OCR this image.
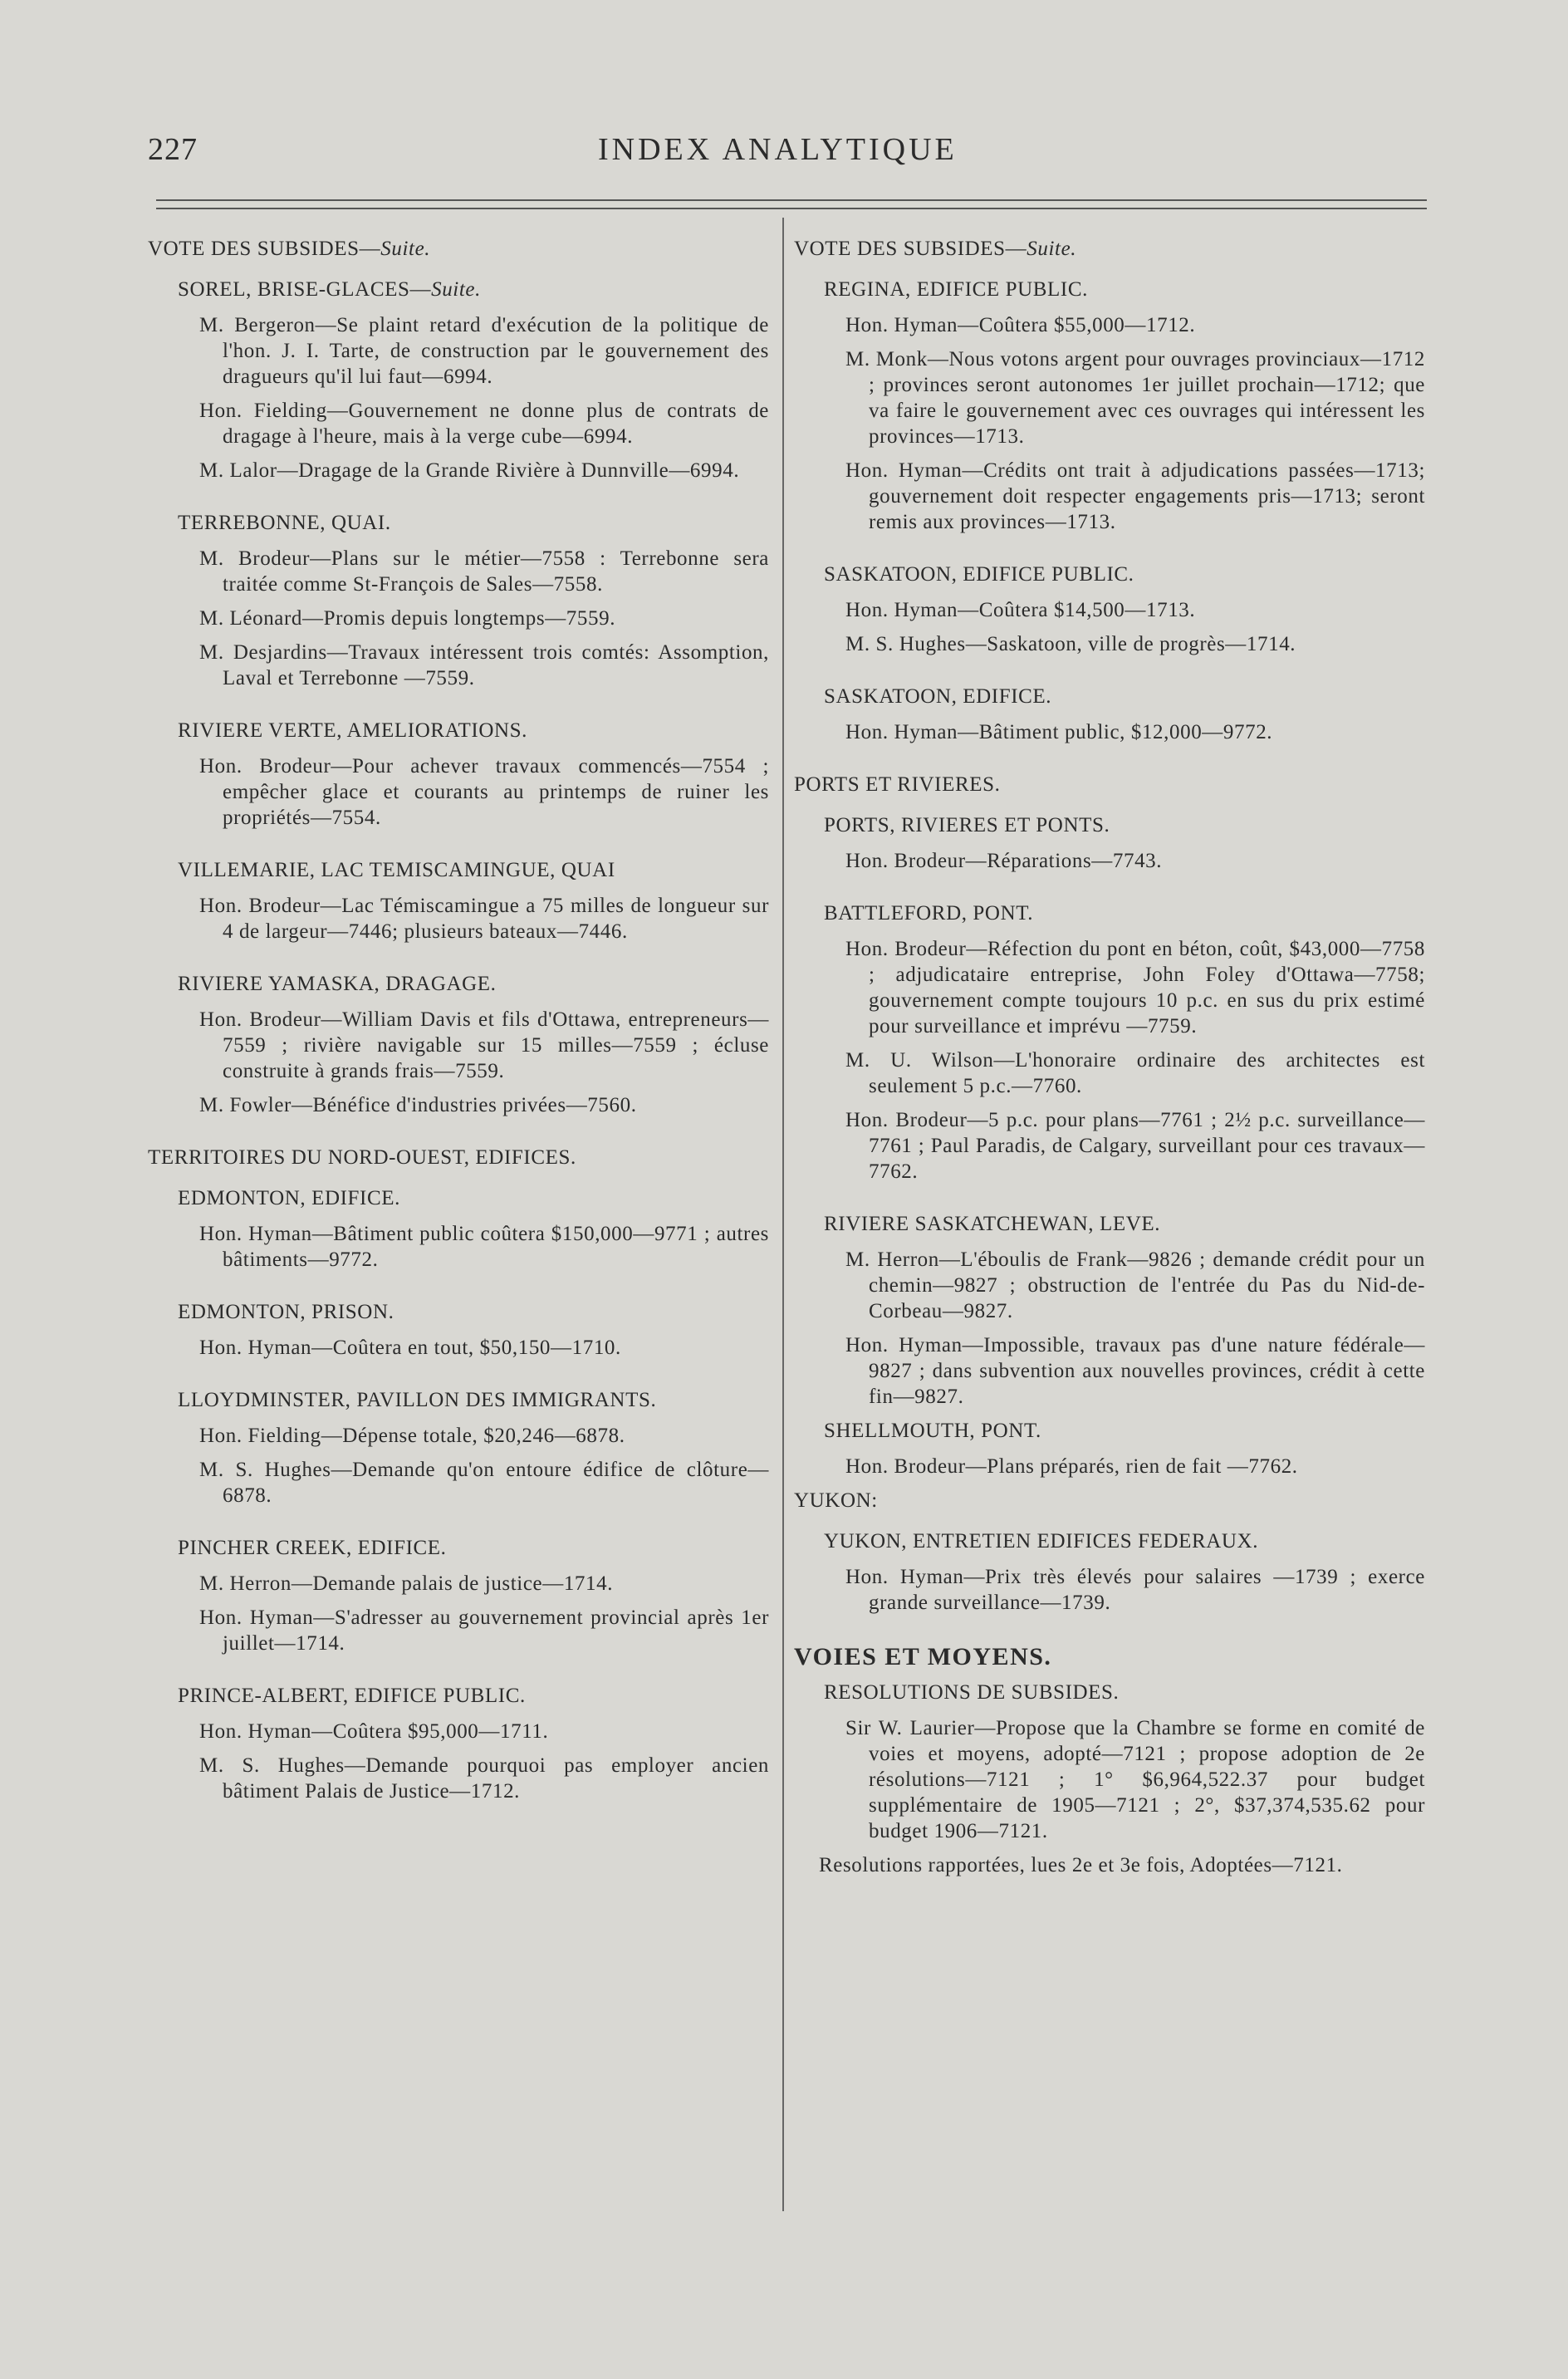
227	INDEX ANALYTIQUE

VOTE DES SUBSIDES—Suite.

SOREL, BRISE-GLACES—Suite.

M. Bergeron—Se plaint retard d'exécution de la politique de l'hon. J. I. Tarte, de construction par le gouvernement des dragueurs qu'il lui faut—6994.

Hon. Fielding—Gouvernement ne donne plus de contrats de dragage à l'heure, mais à la verge cube—6994.

M. Lalor—Dragage de la Grande Rivière à Dunnville—6994.

TERREBONNE, QUAI.

M. Brodeur—Plans sur le métier—7558 : Terrebonne sera traitée comme St-François de Sales—7558.

M. Léonard—Promis depuis longtemps—7559.

M. Desjardins—Travaux intéressent trois comtés: Assomption, Laval et Terrebonne —7559.

RIVIERE VERTE, AMELIORATIONS.

Hon. Brodeur—Pour achever travaux commencés—7554 ; empêcher glace et courants au printemps de ruiner les propriétés—7554.

VILLEMARIE, LAC TEMISCAMINGUE, QUAI

Hon. Brodeur—Lac Témiscamingue a 75 milles de longueur sur 4 de largeur—7446; plusieurs bateaux—7446.

RIVIERE YAMASKA, DRAGAGE.

Hon. Brodeur—William Davis et fils d'Ottawa, entrepreneurs—7559 ; rivière navigable sur 15 milles—7559 ; écluse construite à grands frais—7559.

M. Fowler—Bénéfice d'industries privées—7560.

TERRITOIRES DU NORD-OUEST, EDIFICES.

EDMONTON, EDIFICE.

Hon. Hyman—Bâtiment public coûtera $150,000—9771 ; autres bâtiments—9772.

EDMONTON, PRISON.

Hon. Hyman—Coûtera en tout, $50,150—1710.

LLOYDMINSTER, PAVILLON DES IMMIGRANTS.

Hon. Fielding—Dépense totale, $20,246—6878.

M. S. Hughes—Demande qu'on entoure édifice de clôture—6878.

PINCHER CREEK, EDIFICE.

M. Herron—Demande palais de justice—1714.

Hon. Hyman—S'adresser au gouvernement provincial après 1er juillet—1714.

PRINCE-ALBERT, EDIFICE PUBLIC.

Hon. Hyman—Coûtera $95,000—1711.

M. S. Hughes—Demande pourquoi pas employer ancien bâtiment Palais de Justice—1712.

VOTE DES SUBSIDES—Suite.

REGINA, EDIFICE PUBLIC.

Hon. Hyman—Coûtera $55,000—1712.

M. Monk—Nous votons argent pour ouvrages provinciaux—1712 ; provinces seront autonomes 1er juillet prochain—1712; que va faire le gouvernement avec ces ouvrages qui intéressent les provinces—1713.

Hon. Hyman—Crédits ont trait à adjudications passées—1713; gouvernement doit respecter engagements pris—1713; seront remis aux provinces—1713.

SASKATOON, EDIFICE PUBLIC.

Hon. Hyman—Coûtera $14,500—1713.

M. S. Hughes—Saskatoon, ville de progrès—1714.

SASKATOON, EDIFICE.

Hon. Hyman—Bâtiment public, $12,000—9772.

PORTS ET RIVIERES.

PORTS, RIVIERES ET PONTS.

Hon. Brodeur—Réparations—7743.

BATTLEFORD, PONT.

Hon. Brodeur—Réfection du pont en béton, coût, $43,000—7758 ; adjudicataire entreprise, John Foley d'Ottawa—7758; gouvernement compte toujours 10 p.c. en sus du prix estimé pour surveillance et imprévu —7759.

M. U. Wilson—L'honoraire ordinaire des architectes est seulement 5 p.c.—7760.

Hon. Brodeur—5 p.c. pour plans—7761 ; 2½ p.c. surveillance—7761 ; Paul Paradis, de Calgary, surveillant pour ces travaux—7762.

RIVIERE SASKATCHEWAN, LEVE.

M. Herron—L'éboulis de Frank—9826 ; demande crédit pour un chemin—9827 ; obstruction de l'entrée du Pas du Nid-de-Corbeau—9827.

Hon. Hyman—Impossible, travaux pas d'une nature fédérale—9827 ; dans subvention aux nouvelles provinces, crédit à cette fin—9827.

SHELLMOUTH, PONT.

Hon. Brodeur—Plans préparés, rien de fait —7762.

YUKON:

YUKON, ENTRETIEN EDIFICES FEDERAUX.

Hon. Hyman—Prix très élevés pour salaires —1739 ; exerce grande surveillance—1739.

VOIES ET MOYENS.

RESOLUTIONS DE SUBSIDES.

Sir W. Laurier—Propose que la Chambre se forme en comité de voies et moyens, adopté—7121 ; propose adoption de 2e résolutions—7121 ; 1° $6,964,522.37 pour budget supplémentaire de 1905—7121 ; 2°, $37,374,535.62 pour budget 1906—7121.

Resolutions rapportées, lues 2e et 3e fois, Adoptées—7121.
